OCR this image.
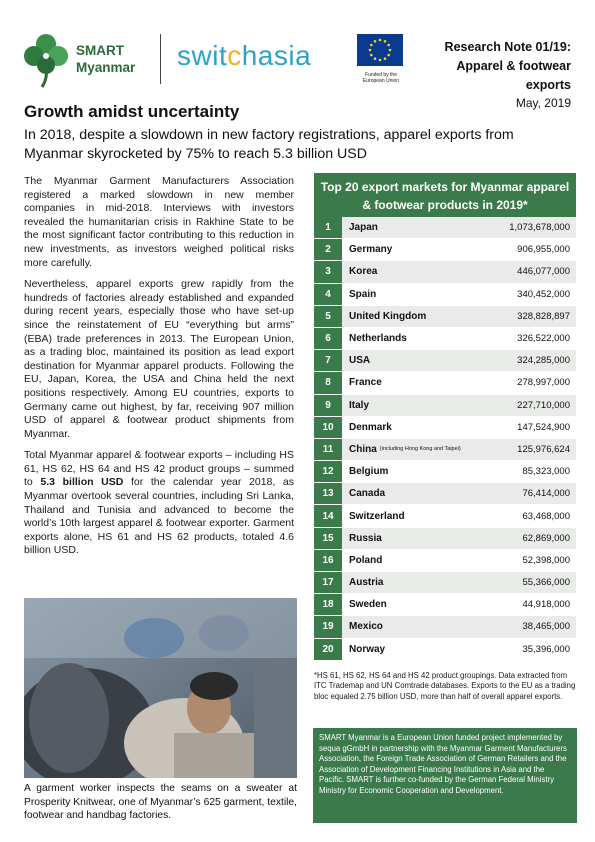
SMART
Myanmar switchasia
Funded by the European Union
Research Note 01/19: Apparel & footwear exports
May, 2019
Growth amidst uncertainty
In 2018, despite a slowdown in new factory registrations, apparel exports from Myanmar skyrocketed by 75% to reach 5.3 billion USD

The Myanmar Garment Manufacturers Association registered a marked slowdown in new member companies in mid-2018. Interviews with investors revealed the humanitarian crisis in Rakhine State to be the most significant factor contributing to this reduction in new investments, as investors weighed political risks more carefully.

Nevertheless, apparel exports grew rapidly from the hundreds of factories already established and expanded during recent years, especially those who have set-up since the reinstatement of EU “everything but arms” (EBA) trade preferences in 2013. The European Union, as a trading bloc, maintained its position as lead export destination for Myanmar apparel products. Following the EU, Japan, Korea, the USA and China held the next positions respectively. Among EU countries, exports to Germany came out highest, by far, receiving 907 million USD of apparel & footwear product shipments from Myanmar.

Total Myanmar apparel & footwear exports – including HS 61, HS 62, HS 64 and HS 42 product groups – summed to 5.3 billion USD for the calendar year 2018, as Myanmar overtook several countries, including Sri Lanka, Thailand and Tunisia and advanced to become the world’s 10th largest apparel & footwear exporter. Garment exports alone, HS 61 and HS 62 products, totaled 4.6 billion USD.

A garment worker inspects the seams on a sweater at Prosperity Knitwear, one of Myanmar’s 625 garment, textile, footwear and handbag factories.
Top 20 export markets for Myanmar apparel & footwear products in 2019*
1	Japan	1,073,678,000
2	Germany	906,955,000
3	Korea	446,077,000
4	Spain	340,452,000
5	United Kingdom	328,828,897
6	Netherlands	326,522,000
7	USA	324,285,000
8	France	278,997,000
9	Italy	227,710,000
10	Denmark	147,524,900
11	China (including Hong Kong and Taipei)	125,976,624
12	Belgium	85,323,000
13	Canada	76,414,000
14	Switzerland	63,468,000
15	Russia	62,869,000
16	Poland	52,398,000
17	Austria	55,366,000
18	Sweden	44,918,000
19	Mexico	38,465,000
20	Norway	35,396,000
*HS 61, HS 62, HS 64 and HS 42 product groupings. Data extracted from ITC Trademap and UN Comtrade databases. Exports to the EU as a trading bloc equaled 2.75 billion USD, more than half of overall apparel exports.
SMART Myanmar is a European Union funded project implemented by sequa gGmbH in partnership with the Myanmar Garment Manufacturers Association, the Foreign Trade Association of German Retailers and the Association of Development Financing Institutions in Asia and the Pacific. SMART is further co-funded by the German Federal Ministry Ministry for Economic Cooperation and Development.
